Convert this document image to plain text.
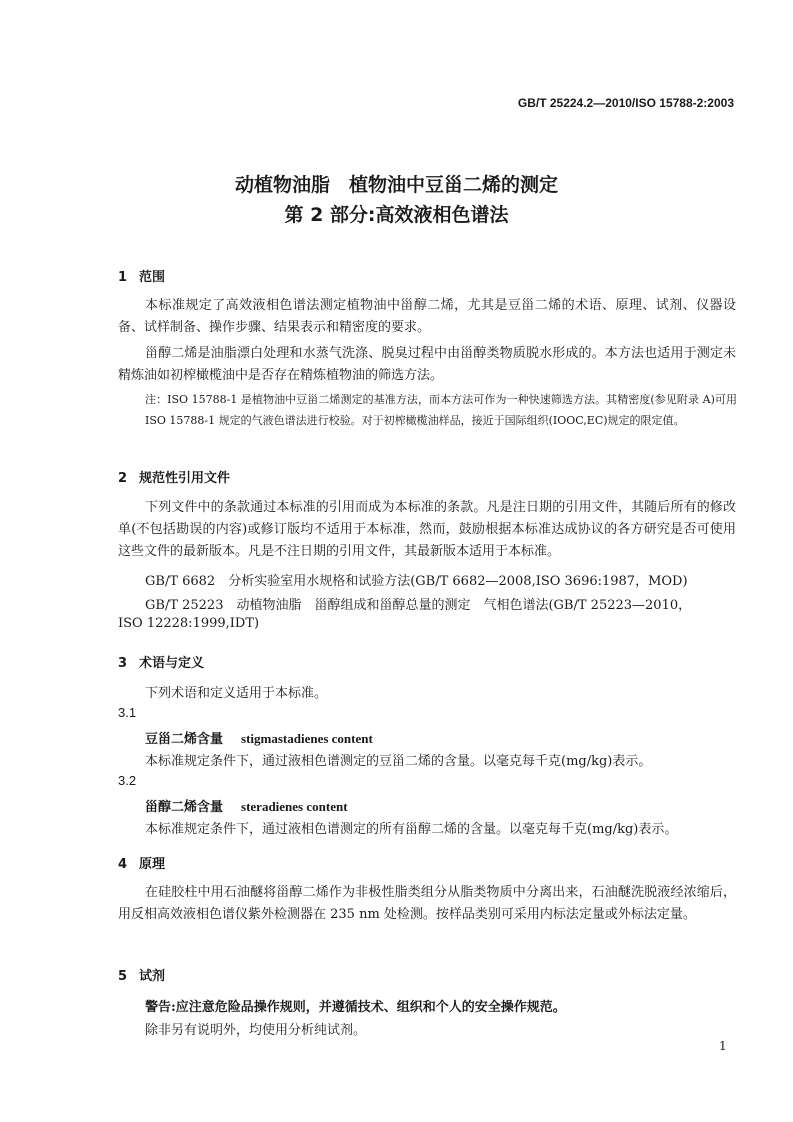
GB/T 25224.2—2010/ISO 15788-2:2003
动植物油脂　植物油中豆甾二烯的测定
第 2 部分:高效液相色谱法
1 范围
本标准规定了高效液相色谱法测定植物油中甾醇二烯，尤其是豆甾二烯的术语、原理、试剂、仪器设备、试样制备、操作步骤、结果表示和精密度的要求。
甾醇二烯是油脂漂白处理和水蒸气洗涤、脱臭过程中由甾醇类物质脱水形成的。本方法也适用于测定未精炼油如初榨橄榄油中是否存在精炼植物油的筛选方法。
注：ISO 15788-1 是植物油中豆甾二烯测定的基准方法，而本方法可作为一种快速筛选方法。其精密度(参见附录 A)可用 ISO 15788-1 规定的气液色谱法进行校验。对于初榨橄榄油样品，接近于国际组织(IOOC,EC)规定的限定值。
2 规范性引用文件
下列文件中的条款通过本标准的引用而成为本标准的条款。凡是注日期的引用文件，其随后所有的修改单(不包括勘误的内容)或修订版均不适用于本标准，然而，鼓励根据本标准达成协议的各方研究是否可使用这些文件的最新版本。凡是不注日期的引用文件，其最新版本适用于本标准。
GB/T 6682　分析实验室用水规格和试验方法(GB/T 6682—2008,ISO 3696:1987，MOD)
GB/T 25223　动植物油脂　甾醇组成和甾醇总量的测定　气相色谱法(GB/T 25223—2010，
ISO 12228:1999,IDT)
3 术语与定义
下列术语和定义适用于本标准。
3.1
豆甾二烯含量 stigmastadienes content
本标准规定条件下，通过液相色谱测定的豆甾二烯的含量。以毫克每千克(mg/kg)表示。
3.2
甾醇二烯含量 steradienes content
本标准规定条件下，通过液相色谱测定的所有甾醇二烯的含量。以毫克每千克(mg/kg)表示。
4 原理
在硅胶柱中用石油醚将甾醇二烯作为非极性脂类组分从脂类物质中分离出来，石油醚洗脱液经浓缩后，用反相高效液相色谱仪紫外检测器在 235 nm 处检测。按样品类别可采用内标法定量或外标法定量。
5 试剂
警告:应注意危险品操作规则，并遵循技术、组织和个人的安全操作规范。
除非另有说明外，均使用分析纯试剂。
1
